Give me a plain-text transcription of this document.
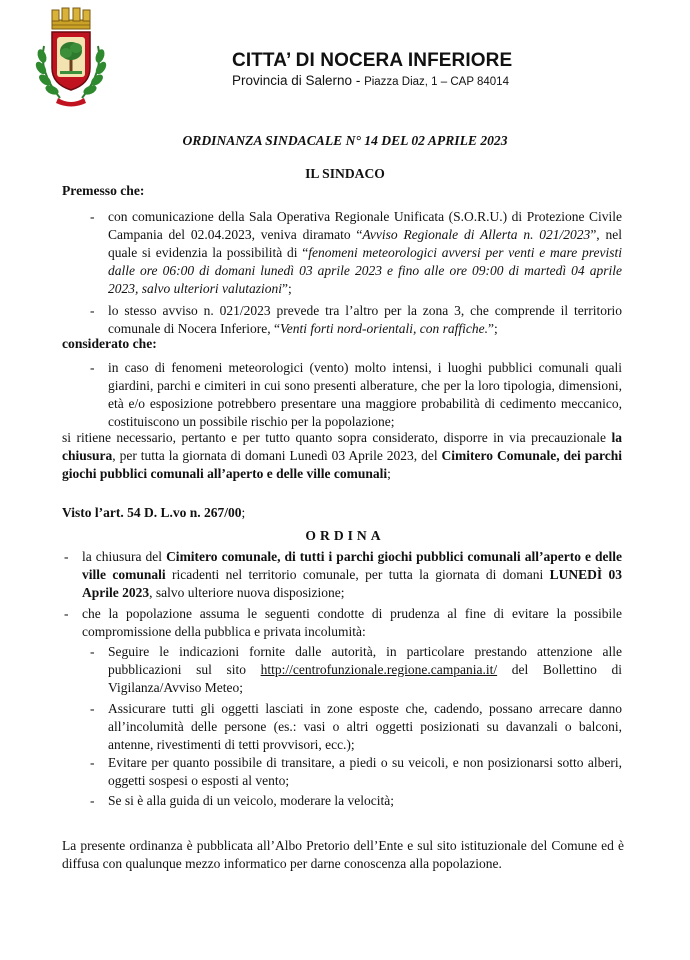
CITTA’ DI NOCERA INFERIORE
Provincia di Salerno - Piazza Diaz, 1 – CAP 84014
ORDINANZA SINDACALE N° 14 DEL 02 APRILE 2023
IL SINDACO
Premesso che:
- con comunicazione della Sala Operativa Regionale Unificata (S.O.R.U.) di Protezione Civile Campania del 02.04.2023, veniva diramato “Avviso Regionale di Allerta n. 021/2023”, nel quale si evidenzia la possibilità di “fenomeni meteorologici avversi per venti e mare previsti dalle ore 06:00 di domani lunedì 03 aprile 2023 e fino alle ore 09:00 di martedì 04 aprile 2023, salvo ulteriori valutazioni”;
- lo stesso avviso n. 021/2023 prevede tra l’altro per la zona 3, che comprende il territorio comunale di Nocera Inferiore, “Venti forti nord-orientali, con raffiche.”;
considerato che:
- in caso di fenomeni meteorologici (vento) molto intensi, i luoghi pubblici comunali quali giardini, parchi e cimiteri in cui sono presenti alberature, che per la loro tipologia, dimensioni, età e/o esposizione potrebbero presentare una maggiore probabilità di cedimento meccanico, costituiscono un possibile rischio per la popolazione;
si ritiene necessario, pertanto e per tutto quanto sopra considerato, disporre in via precauzionale la chiusura, per tutta la giornata di domani Lunedì 03 Aprile 2023, del Cimitero Comunale, dei parchi giochi pubblici comunali all’aperto e delle ville comunali;
Visto l’art. 54 D. L.vo n. 267/00;
ORDINA
- la chiusura del Cimitero comunale, di tutti i parchi giochi pubblici comunali all’aperto e delle ville comunali ricadenti nel territorio comunale, per tutta la giornata di domani LUNEDÌ 03 Aprile 2023, salvo ulteriore nuova disposizione;
- che la popolazione assuma le seguenti condotte di prudenza al fine di evitare la possibile compromissione della pubblica e privata incolumità:
- Seguire le indicazioni fornite dalle autorità, in particolare prestando attenzione alle pubblicazioni sul sito http://centrofunzionale.regione.campania.it/ del Bollettino di Vigilanza/Avviso Meteo;
- Assicurare tutti gli oggetti lasciati in zone esposte che, cadendo, possano arrecare danno all’incolumità delle persone (es.: vasi o altri oggetti posizionati su davanzali o balconi, antenne, rivestimenti di tetti provvisori, ecc.);
- Evitare per quanto possibile di transitare, a piedi o su veicoli, e non posizionarsi sotto alberi, oggetti sospesi o esposti al vento;
- Se si è alla guida di un veicolo, moderare la velocità;
La presente ordinanza è pubblicata all’Albo Pretorio dell’Ente e sul sito istituzionale del Comune ed è diffusa con qualunque mezzo informatico per darne conoscenza alla popolazione.
